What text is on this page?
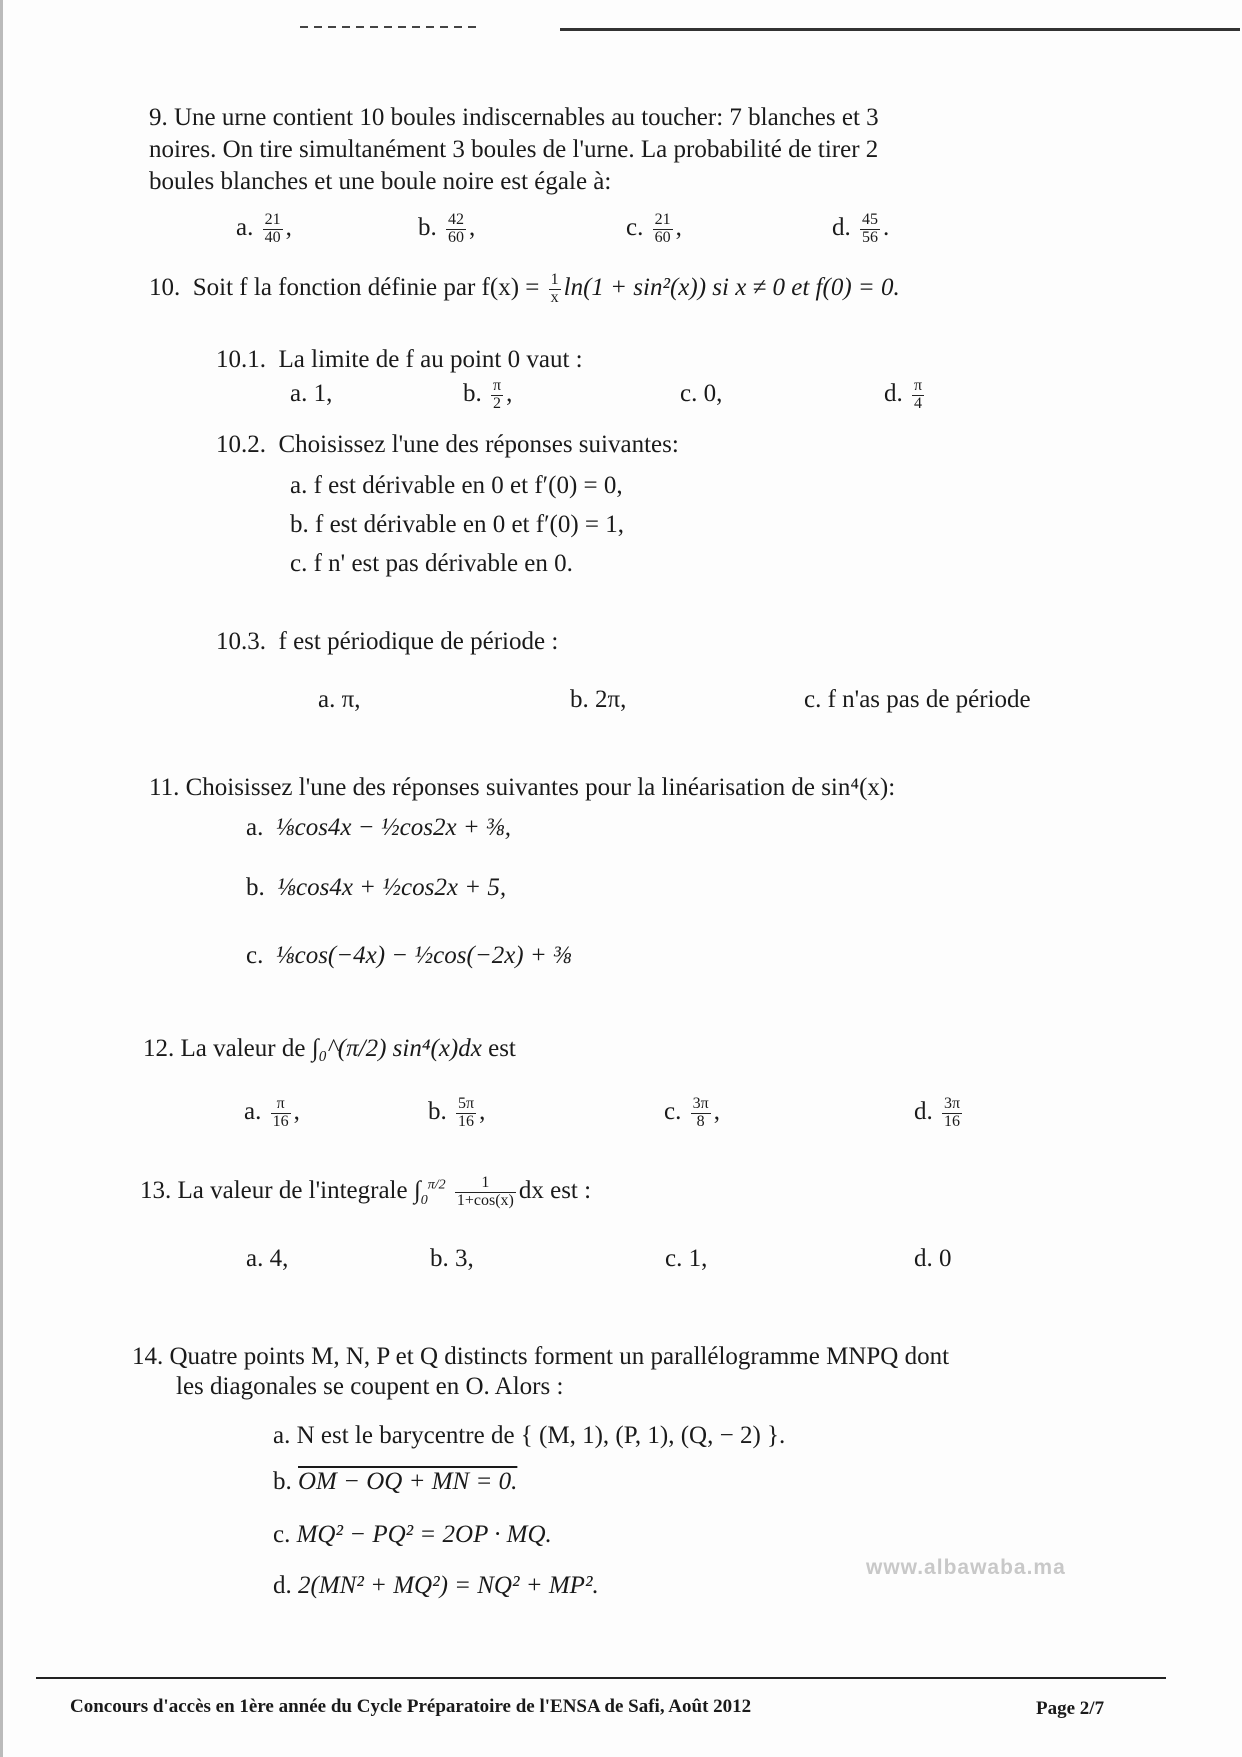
9. Une urne contient 10 boules indiscernables au toucher: 7 blanches et 3
noires. On tire simultanément 3 boules de l'urne. La probabilité de tirer 2
boules blanches et une boule noire est égale à:
a. $\frac{21}{40}$ ,	b. $\frac{42}{60}$ ,	c. $\frac{21}{60}$ ,	d. $\frac{45}{56}$ .
10. Soit f la fonction définie par $f(x) = \frac{1}{x} \ln(1 + \sin^2(x))$ si x ≠ 0 et f(0) = 0.
10.1. La limite de f au point 0 vaut :
a. 1,	b. $\frac{\pi}{2}$ ,	c. 0,	d. $\frac{\pi}{4}$
10.2. Choisissez l'une des réponses suivantes:
a. f est dérivable en 0 et f′(0) = 0,
b. f est dérivable en 0 et f′(0) = 1,
c. f n' est pas dérivable en 0.
10.3. f est périodique de période :
a. π,	b. 2π,	c. f n'as pas de période
11. Choisissez l'une des réponses suivantes pour la linéarisation de sin⁴(x):
a. ⅛cos4x − ½cos2x + ⅜,
b. ⅛cos4x + ½cos2x + 5,
c. ⅛cos(−4x) − ½cos(−2x) + ⅜
12. La valeur de ∫₀^(π/2) sin⁴(x)dx est
a. $\frac{\pi}{16}$ ,	b. $\frac{5\pi}{16}$ ,	c. $\frac{3\pi}{8}$ ,	d. $\frac{3\pi}{16}$
13. La valeur de l'integrale $\int_0^{\pi/2} \frac{1}{1+\cos(x)}$ dx est :
a. 4,	b. 3,	c. 1,	d. 0
14. Quatre points M, N, P et Q distincts forment un parallélogramme MNPQ dont
les diagonales se coupent en O. Alors :
a. N est le barycentre de { (M, 1), (P, 1), (Q, − 2) }.
b. OM − OQ + MN = 0.
c. MQ² − PQ² = 2OP · MQ.
d. 2(MN² + MQ²) = NQ² + MP².
www.albawaba.ma
Concours d'accès en 1ère année du Cycle Préparatoire de l'ENSA de Safi, Août 2012	Page 2/7
